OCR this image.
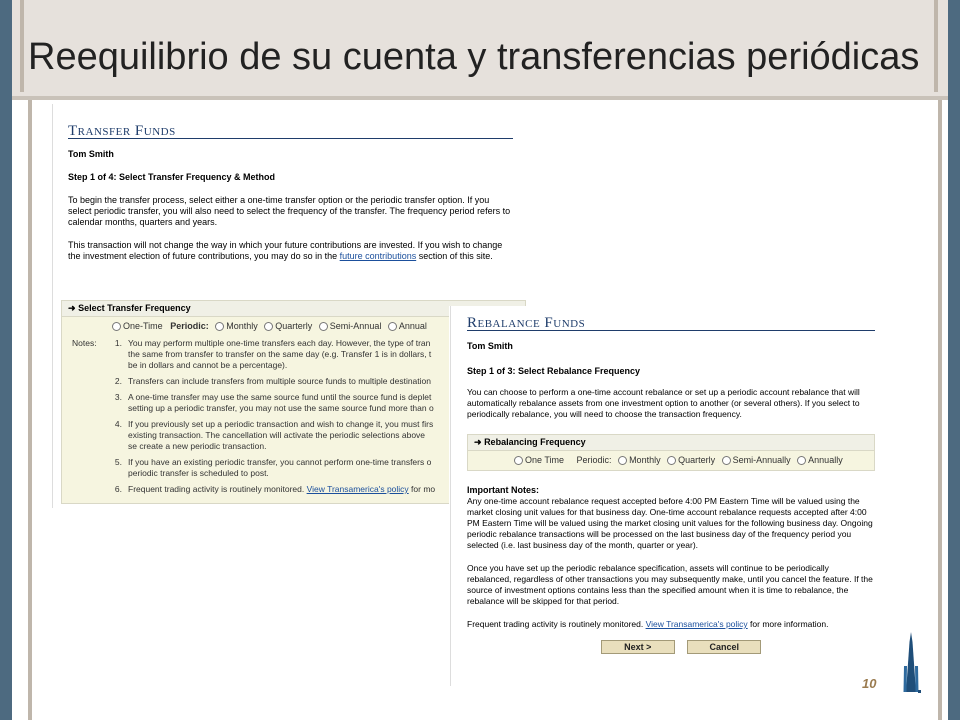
Reequilibrio de su cuenta y transferencias periódicas
Transfer Funds
Tom Smith
Step 1 of 4: Select Transfer Frequency & Method
To begin the transfer process, select either a one-time transfer option or the periodic transfer option. If you select periodic transfer, you will also need to select the frequency of the transfer. The frequency period refers to calendar months, quarters and years.
This transaction will not change the way in which your future contributions are invested. If you wish to change the investment election of future contributions, you may do so in the future contributions section of this site.
➜ Select Transfer Frequency
One-Time Periodic: Monthly Quarterly Semi-Annual Annual
Notes:	1. You may perform multiple one-time transfers each day. However, the type of tran the same from transfer to transfer on the same day (e.g. Transfer 1 is in dollars, t be in dollars and cannot be a percentage).
2. Transfers can include transfers from multiple source funds to multiple destination
3. A one-time transfer may use the same source fund until the source fund is deplet setting up a periodic transfer, you may not use the same source fund more than o
4. If you previously set up a periodic transaction and wish to change it, you must firs existing transaction. The cancellation will activate the periodic selections above se create a new periodic transaction.
5. If you have an existing periodic transfer, you cannot perform one-time transfers o periodic transfer is scheduled to post.
6. Frequent trading activity is routinely monitored. View Transamerica's policy for mo
Rebalance Funds
Tom Smith
Step 1 of 3: Select Rebalance Frequency
You can choose to perform a one-time account rebalance or set up a periodic account rebalance that will automatically rebalance assets from one investment option to another (or several others). If you select to periodically rebalance, you will need to choose the transaction frequency.
➜ Rebalancing Frequency
One Time Periodic: Monthly Quarterly Semi-Annually Annually
Important Notes:
Any one-time account rebalance request accepted before 4:00 PM Eastern Time will be valued using the market closing unit values for that business day. One-time account rebalance requests accepted after 4:00 PM Eastern Time will be valued using the market closing unit values for the following business day. Ongoing periodic rebalance transactions will be processed on the last business day of the frequency period you selected (i.e. last business day of the month, quarter or year).
Once you have set up the periodic rebalance specification, assets will continue to be periodically rebalanced, regardless of other transactions you may subsequently make, until you cancel the feature. If the source of investment options contains less than the specified amount when it is time to rebalance, the rebalance will be skipped for that period.
Frequent trading activity is routinely monitored. View Transamerica's policy for more information.
Next >	Cancel
10
